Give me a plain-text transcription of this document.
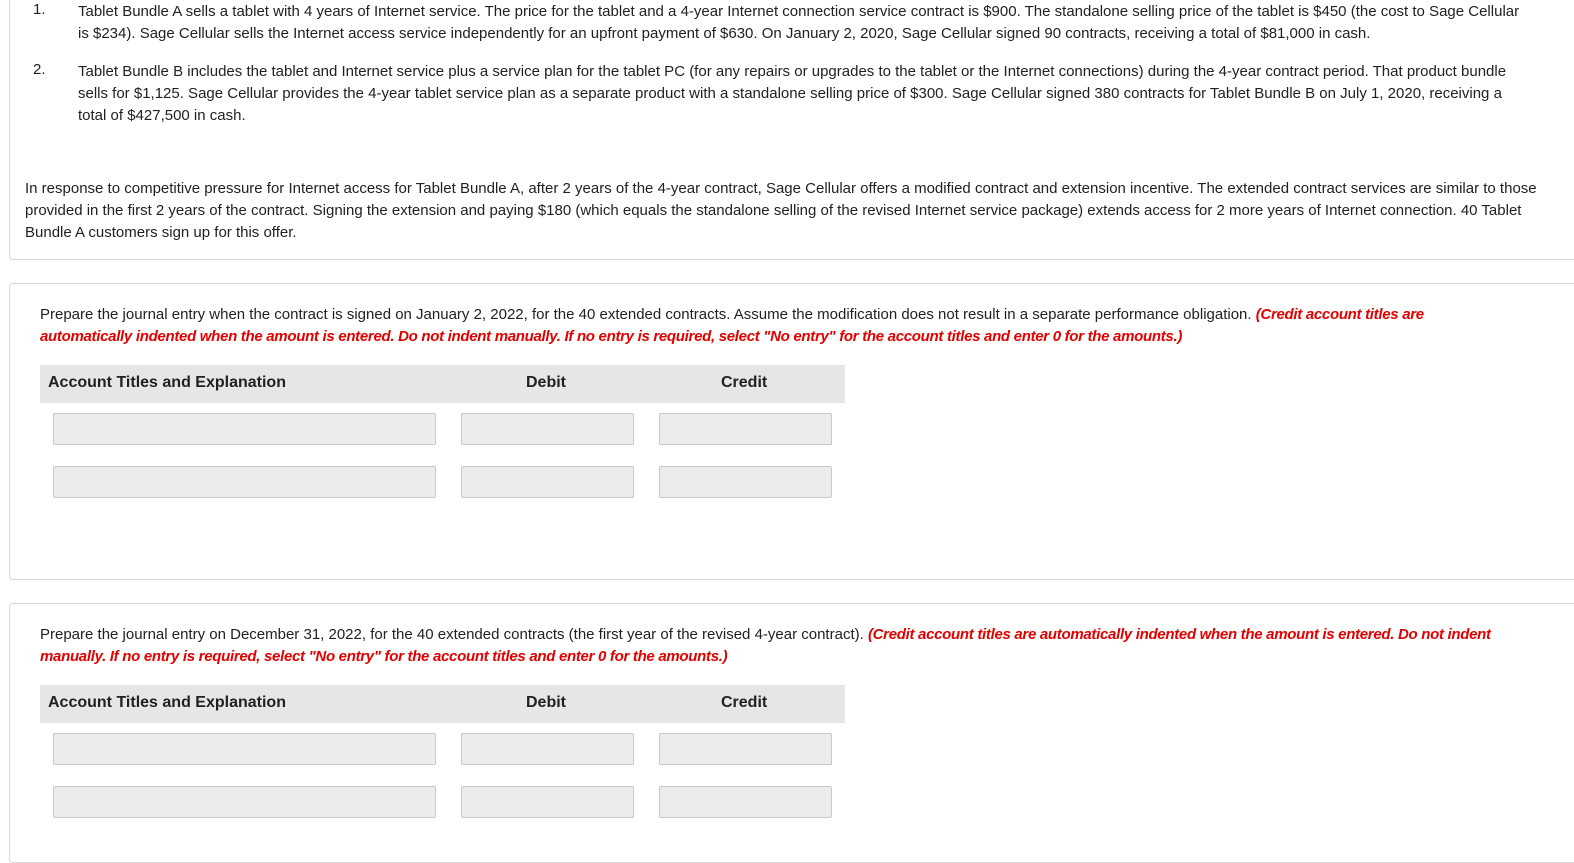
1. Tablet Bundle A sells a tablet with 4 years of Internet service. The price for the tablet and a 4-year Internet connection service contract is $900. The standalone selling price of the tablet is $450 (the cost to Sage Cellular is $234). Sage Cellular sells the Internet access service independently for an upfront payment of $630. On January 2, 2020, Sage Cellular signed 90 contracts, receiving a total of $81,000 in cash.
2. Tablet Bundle B includes the tablet and Internet service plus a service plan for the tablet PC (for any repairs or upgrades to the tablet or the Internet connections) during the 4-year contract period. That product bundle sells for $1,125. Sage Cellular provides the 4-year tablet service plan as a separate product with a standalone selling price of $300. Sage Cellular signed 380 contracts for Tablet Bundle B on July 1, 2020, receiving a total of $427,500 in cash.
In response to competitive pressure for Internet access for Tablet Bundle A, after 2 years of the 4-year contract, Sage Cellular offers a modified contract and extension incentive. The extended contract services are similar to those provided in the first 2 years of the contract. Signing the extension and paying $180 (which equals the standalone selling of the revised Internet service package) extends access for 2 more years of Internet connection. 40 Tablet Bundle A customers sign up for this offer.
Prepare the journal entry when the contract is signed on January 2, 2022, for the 40 extended contracts. Assume the modification does not result in a separate performance obligation. (Credit account titles are automatically indented when the amount is entered. Do not indent manually. If no entry is required, select "No entry" for the account titles and enter 0 for the amounts.)
Account Titles and Explanation	Debit	Credit
Prepare the journal entry on December 31, 2022, for the 40 extended contracts (the first year of the revised 4-year contract). (Credit account titles are automatically indented when the amount is entered. Do not indent manually. If no entry is required, select "No entry" for the account titles and enter 0 for the amounts.)
Account Titles and Explanation	Debit	Credit
